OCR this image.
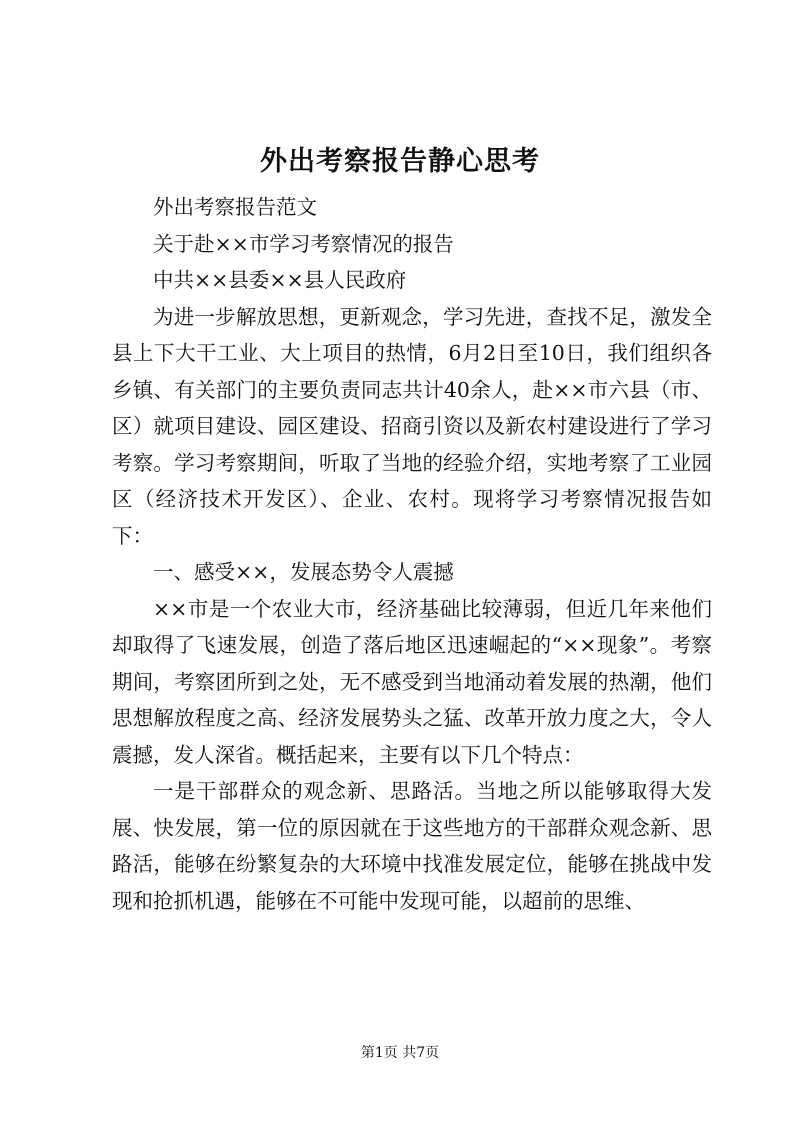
外出考察报告静心思考

外出考察报告范文

关于赴××市学习考察情况的报告

中共××县委××县人民政府

为进一步解放思想，更新观念，学习先进，查找不足，激发全县上下大干工业、大上项目的热情，6月2日至10日，我们组织各乡镇、有关部门的主要负责同志共计40余人，赴××市六县（市、区）就项目建设、园区建设、招商引资以及新农村建设进行了学习考察。学习考察期间，听取了当地的经验介绍，实地考察了工业园区（经济技术开发区）、企业、农村。现将学习考察情况报告如下：

一、感受××，发展态势令人震撼

××市是一个农业大市，经济基础比较薄弱，但近几年来他们却取得了飞速发展，创造了落后地区迅速崛起的“××现象”。考察期间，考察团所到之处，无不感受到当地涌动着发展的热潮，他们思想解放程度之高、经济发展势头之猛、改革开放力度之大，令人震撼，发人深省。概括起来，主要有以下几个特点：

一是干部群众的观念新、思路活。当地之所以能够取得大发展、快发展，第一位的原因就在于这些地方的干部群众观念新、思路活，能够在纷繁复杂的大环境中找准发展定位，能够在挑战中发现和抢抓机遇，能够在不可能中发现可能，以超前的思维、

第1页 共7页
